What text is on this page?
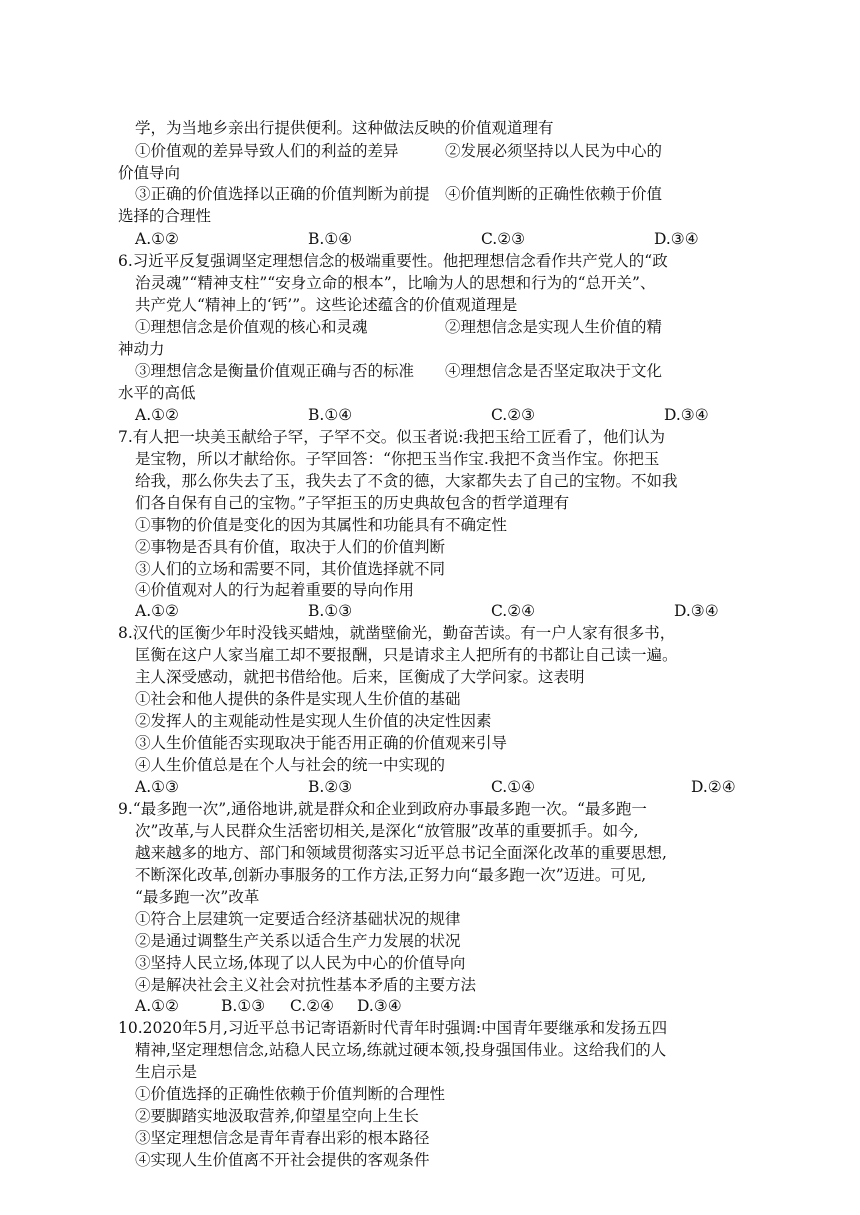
学，为当地乡亲出行提供便利。这种做法反映的价值观道理有
①价值观的差异导致人们的利益的差异　　　②发展必须坚持以人民为中心的
价值导向
③正确的价值选择以正确的价值判断为前提　④价值判断的正确性依赖于价值
选择的合理性
A.①②	B.①④	C.②③	D.③④
6.习近平反复强调坚定理想信念的极端重要性。他把理想信念看作共产党人的“政
治灵魂”“精神支柱”“安身立命的根本”，比喻为人的思想和行为的“总开关”、
共产党人“精神上的‘钙’”。这些论述蕴含的价值观道理是
①理想信念是价值观的核心和灵魂　　　　　②理想信念是实现人生价值的精
神动力
③理想信念是衡量价值观正确与否的标准　　④理想信念是否坚定取决于文化
水平的高低
A.①②	B.①④	C.②③	D.③④
7.有人把一块美玉献给子罕，子罕不交。似玉者说:我把玉给工匠看了，他们认为
是宝物，所以才献给你。子罕回答：“你把玉当作宝.我把不贪当作宝。你把玉
给我，那么你失去了玉，我失去了不贪的德，大家都失去了自己的宝物。不如我
们各自保有自己的宝物。”子罕拒玉的历史典故包含的哲学道理有
①事物的价值是变化的因为其属性和功能具有不确定性
②事物是否具有价值，取决于人们的价值判断
③人们的立场和需要不同，其价值选择就不同
④价值观对人的行为起着重要的导向作用
A.①②	B.①③	C.②④	D.③④
8.汉代的匡衡少年时没钱买蜡烛，就凿壁偷光，勤奋苦读。有一户人家有很多书，
匡衡在这户人家当雇工却不要报酬，只是请求主人把所有的书都让自己读一遍。
主人深受感动，就把书借给他。后来，匡衡成了大学问家。这表明
①社会和他人提供的条件是实现人生价值的基础
②发挥人的主观能动性是实现人生价值的决定性因素
③人生价值能否实现取决于能否用正确的价值观来引导
④人生价值总是在个人与社会的统一中实现的
A.①③	B.②③	C.①④	D.②④
9.“最多跑一次”,通俗地讲,就是群众和企业到政府办事最多跑一次。“最多跑一
次”改革,与人民群众生活密切相关,是深化“放管服”改革的重要抓手。如今,
越来越多的地方、部门和领域贯彻落实习近平总书记全面深化改革的重要思想,
不断深化改革,创新办事服务的工作方法,正努力向“最多跑一次”迈进。可见,
“最多跑一次”改革
①符合上层建筑一定要适合经济基础状况的规律
②是通过调整生产关系以适合生产力发展的状况
③坚持人民立场,体现了以人民为中心的价值导向
④是解决社会主义社会对抗性基本矛盾的主要方法
A.①②	B.①③ C.②④ D.③④
10.2020年5月,习近平总书记寄语新时代青年时强调:中国青年要继承和发扬五四
精神,坚定理想信念,站稳人民立场,练就过硬本领,投身强国伟业。这给我们的人
生启示是
①价值选择的正确性依赖于价值判断的合理性
②要脚踏实地汲取营养,仰望星空向上生长
③坚定理想信念是青年青春出彩的根本路径
④实现人生价值离不开社会提供的客观条件
